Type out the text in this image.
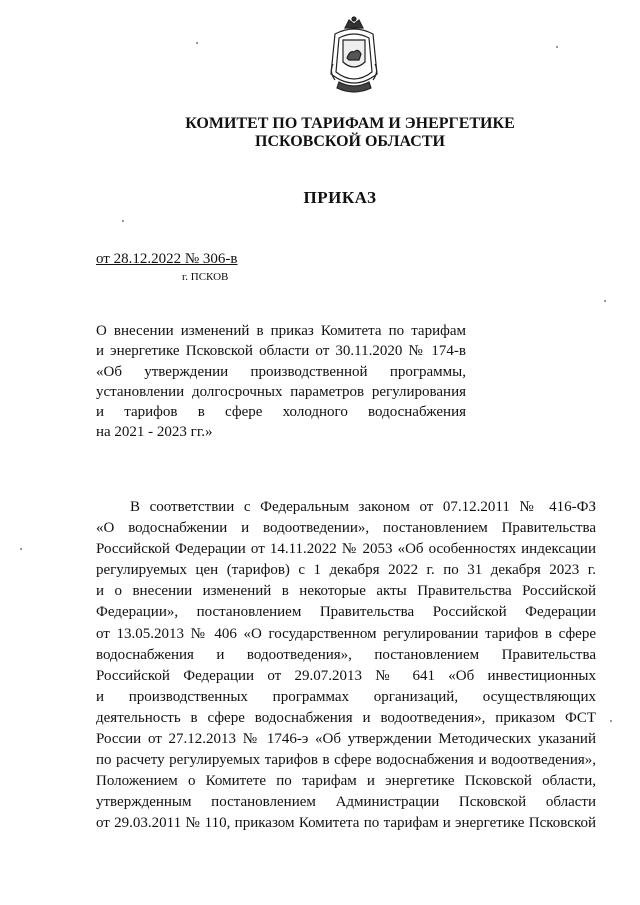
КОМИТЕТ ПО ТАРИФАМ И ЭНЕРГЕТИКЕ
ПСКОВСКОЙ ОБЛАСТИ
ПРИКАЗ
от 28.12.2022 № 306-в
г. ПСКОВ
О внесении изменений в приказ Комитета по тарифам
и энергетике Псковской области от 30.11.2020 № 174-в
«Об утверждении производственной программы,
установлении долгосрочных параметров регулирования
и тарифов в сфере холодного водоснабжения
на 2021 - 2023 гг.»
В соответствии с Федеральным законом от 07.12.2011 № 416-ФЗ
«О водоснабжении и водоотведении», постановлением Правительства
Российской Федерации от 14.11.2022 № 2053 «Об особенностях индексации
регулируемых цен (тарифов) с 1 декабря 2022 г. по 31 декабря 2023 г.
и о внесении изменений в некоторые акты Правительства Российской
Федерации», постановлением Правительства Российской Федерации
от 13.05.2013 № 406 «О государственном регулировании тарифов в сфере
водоснабжения и водоотведения», постановлением Правительства
Российской Федерации от 29.07.2013 № 641 «Об инвестиционных
и производственных программах организаций, осуществляющих
деятельность в сфере водоснабжения и водоотведения», приказом ФСТ
России от 27.12.2013 № 1746-э «Об утверждении Методических указаний
по расчету регулируемых тарифов в сфере водоснабжения и водоотведения»,
Положением о Комитете по тарифам и энергетике Псковской области,
утвержденным постановлением Администрации Псковской области
от 29.03.2011 № 110, приказом Комитета по тарифам и энергетике Псковской
